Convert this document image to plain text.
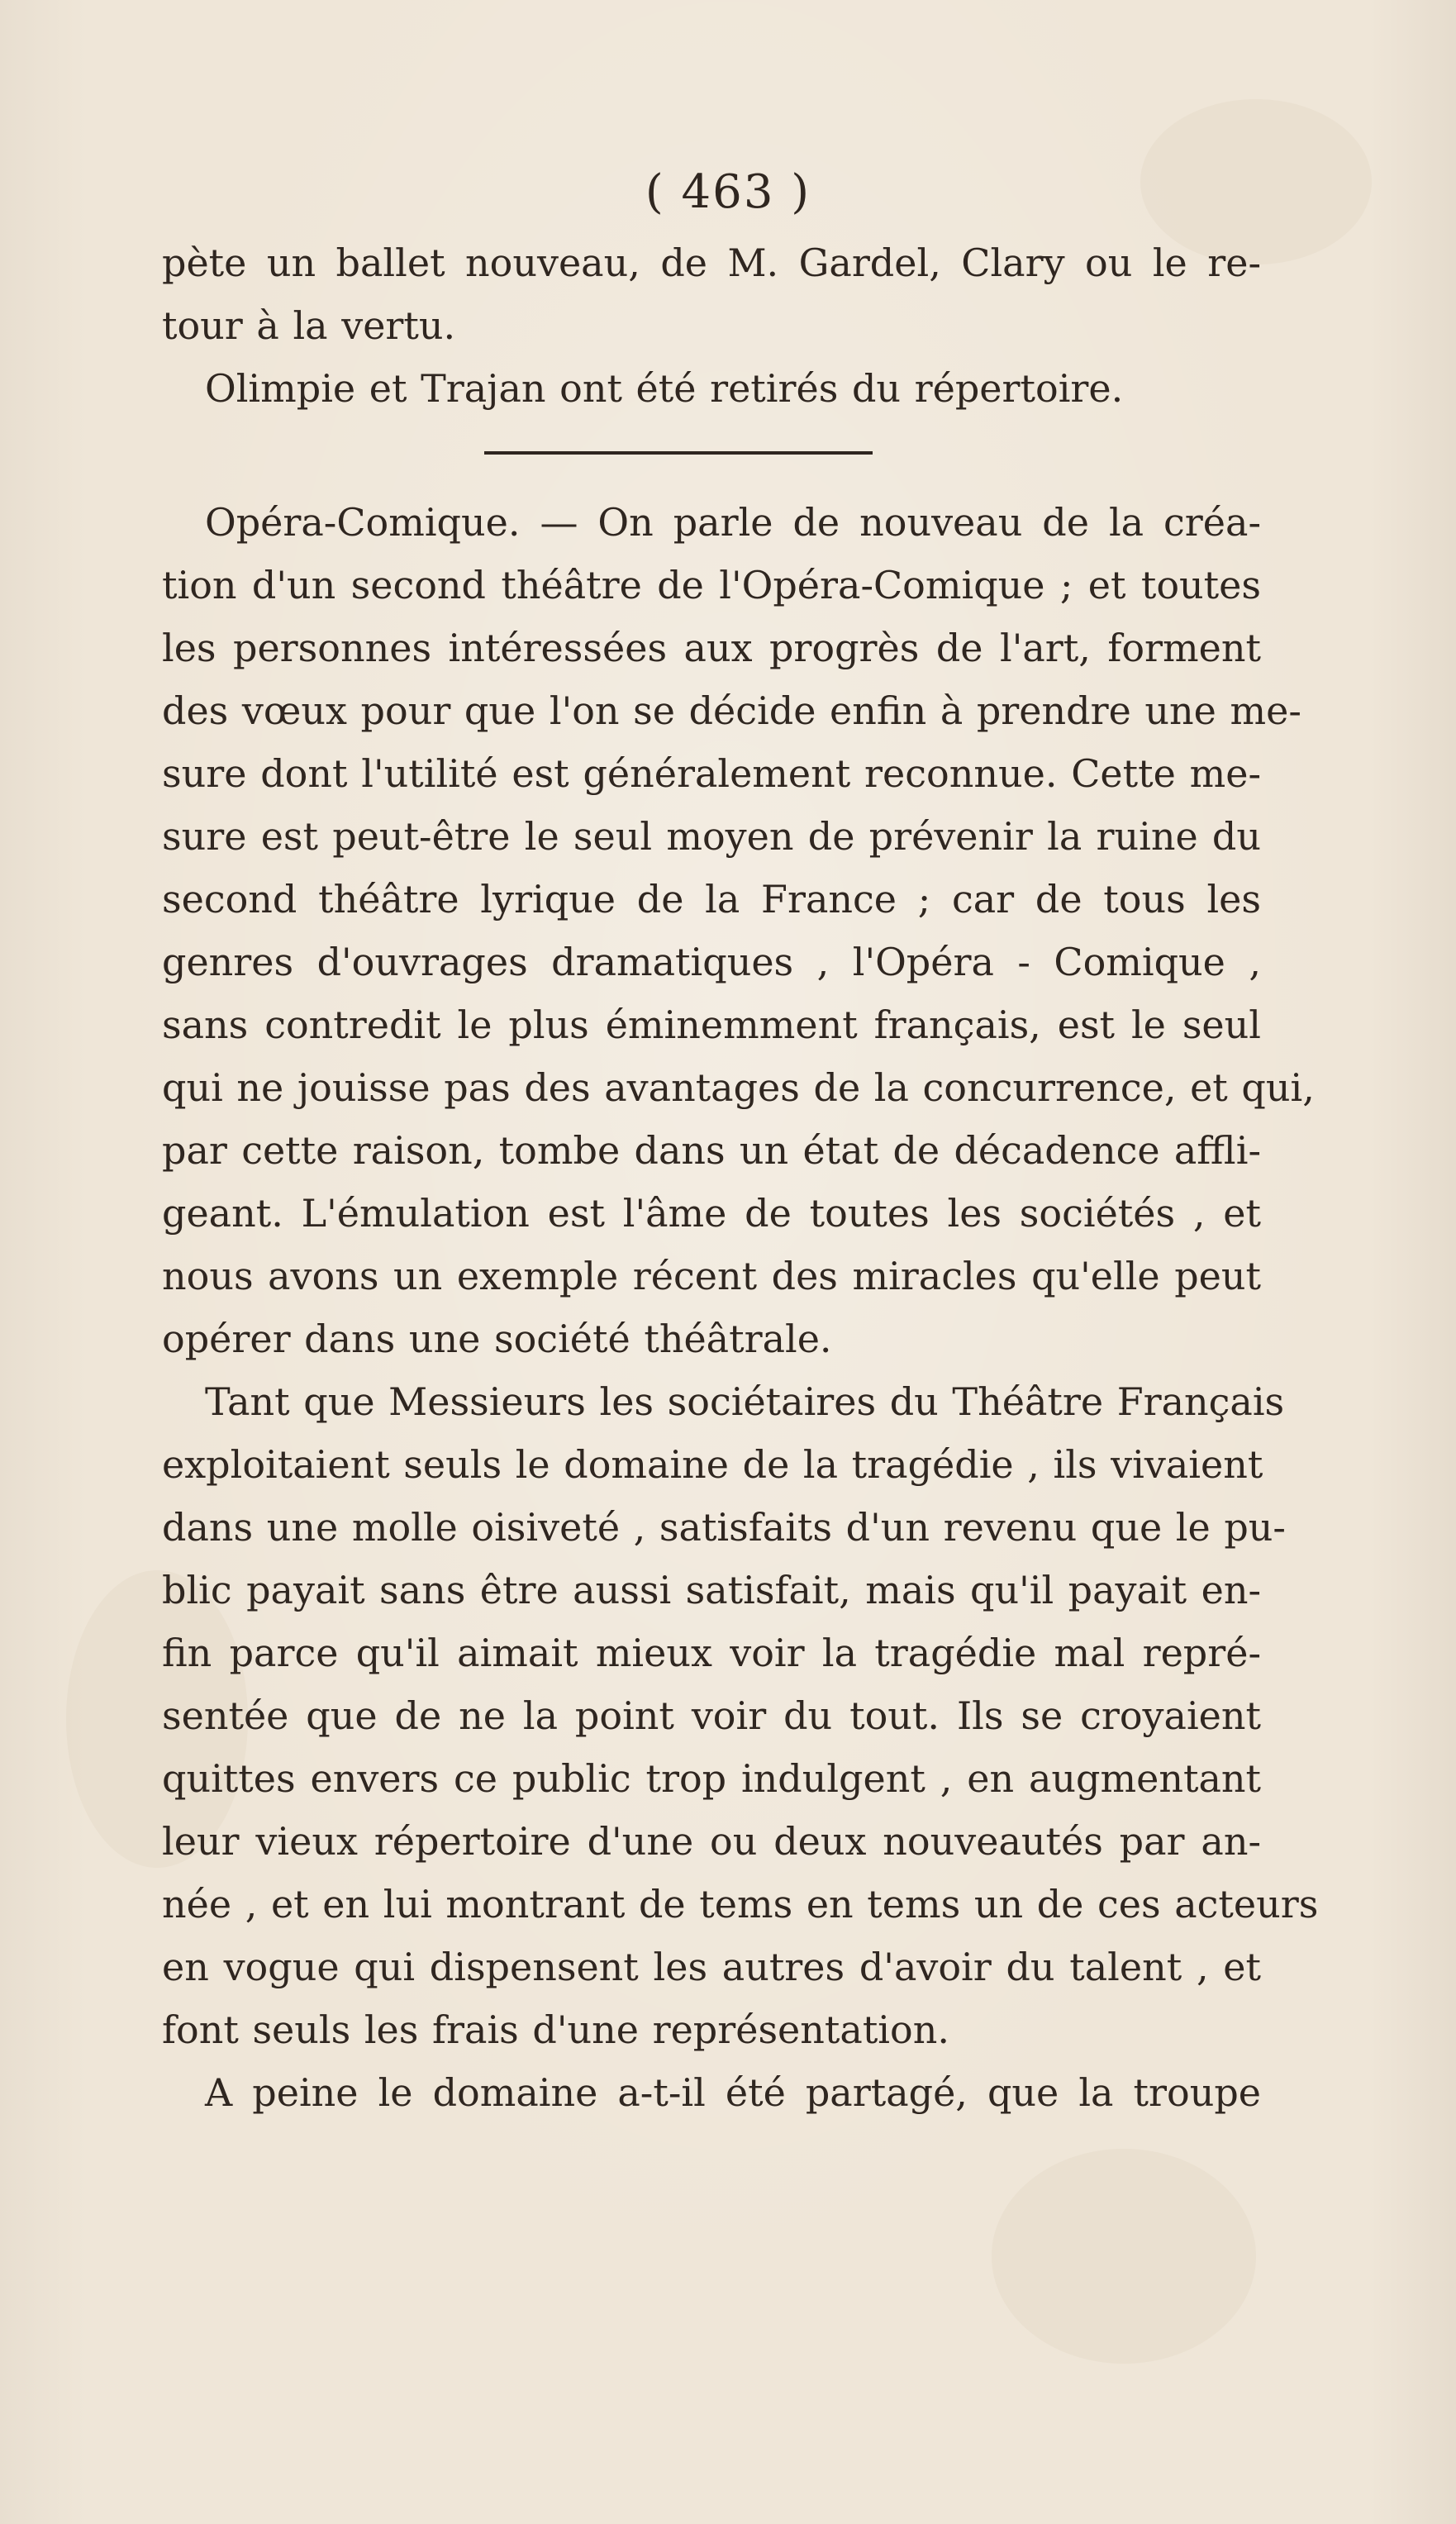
( 463 )
pète un ballet nouveau, de M. Gardel, Clary ou le re-
tour à la vertu.
Olimpie et Trajan ont été retirés du répertoire.
Opéra-Comique. — On parle de nouveau de la créa-
tion d'un second théâtre de l'Opéra-Comique ; et toutes
les personnes intéressées aux progrès de l'art, forment
des vœux pour que l'on se décide enfin à prendre une me-
sure dont l'utilité est généralement reconnue. Cette me-
sure est peut-être le seul moyen de prévenir la ruine du
second théâtre lyrique de la France ; car de tous les
genres d'ouvrages dramatiques , l'Opéra - Comique ,
sans contredit le plus éminemment français, est le seul
qui ne jouisse pas des avantages de la concurrence, et qui,
par cette raison, tombe dans un état de décadence affli-
geant. L'émulation est l'âme de toutes les sociétés , et
nous avons un exemple récent des miracles qu'elle peut
opérer dans une société théâtrale.
Tant que Messieurs les sociétaires du Théâtre Français
exploitaient seuls le domaine de la tragédie , ils vivaient
dans une molle oisiveté , satisfaits d'un revenu que le pu-
blic payait sans être aussi satisfait, mais qu'il payait en-
fin parce qu'il aimait mieux voir la tragédie mal repré-
sentée que de ne la point voir du tout. Ils se croyaient
quittes envers ce public trop indulgent , en augmentant
leur vieux répertoire d'une ou deux nouveautés par an-
née , et en lui montrant de tems en tems un de ces acteurs
en vogue qui dispensent les autres d'avoir du talent , et
font seuls les frais d'une représentation.
A peine le domaine a-t-il été partagé, que la troupe
